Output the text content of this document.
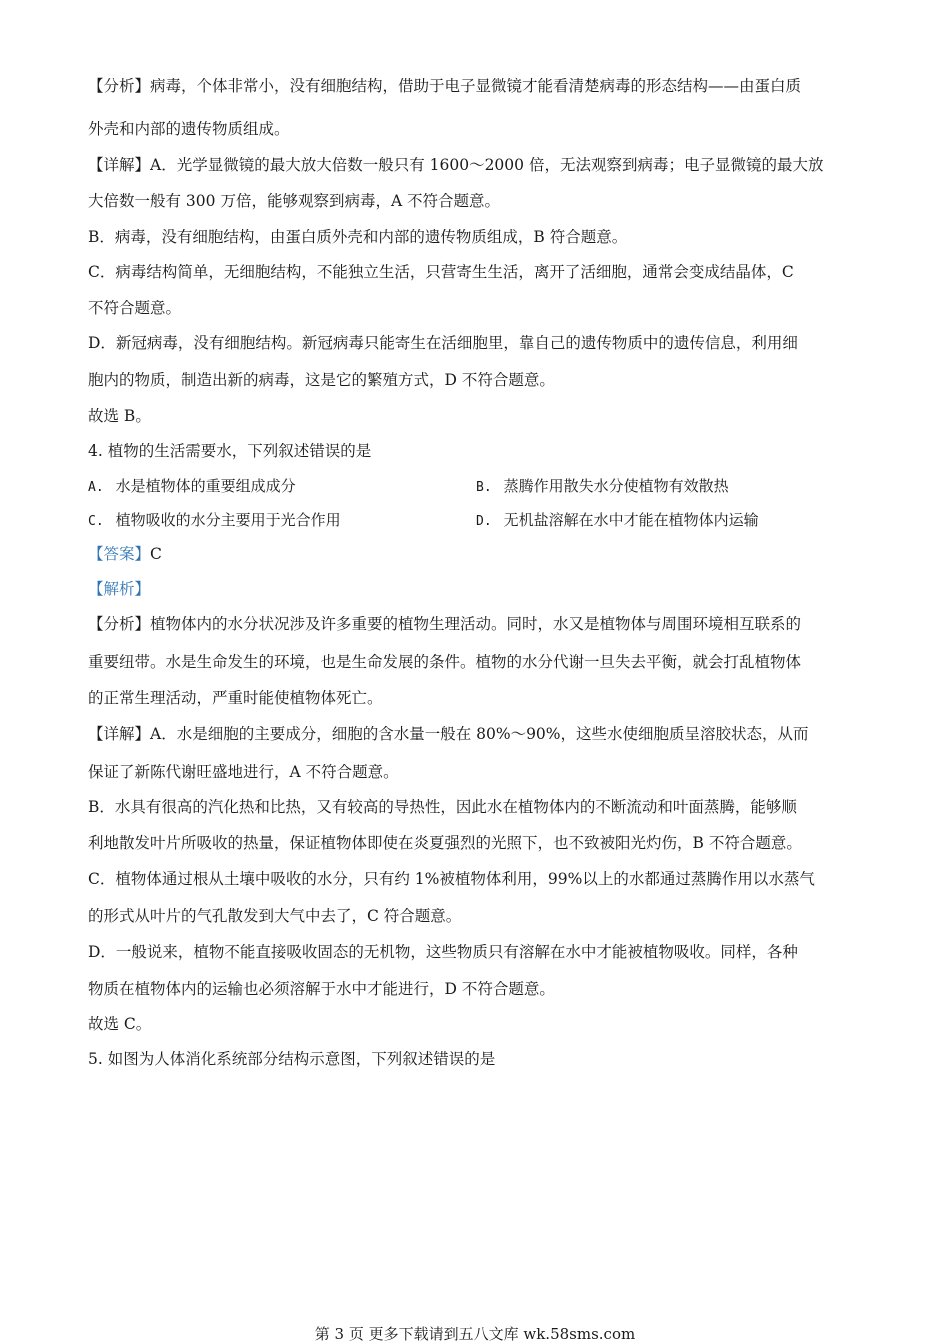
【分析】病毒，个体非常小，没有细胞结构，借助于电子显微镜才能看清楚病毒的形态结构——由蛋白质

外壳和内部的遗传物质组成。

【详解】A．光学显微镜的最大放大倍数一般只有 1600～2000 倍，无法观察到病毒；电子显微镜的最大放

大倍数一般有 300 万倍，能够观察到病毒，A 不符合题意。

B．病毒，没有细胞结构，由蛋白质外壳和内部的遗传物质组成，B 符合题意。

C．病毒结构简单，无细胞结构，不能独立生活，只营寄生生活，离开了活细胞，通常会变成结晶体，C

不符合题意。

D．新冠病毒，没有细胞结构。新冠病毒只能寄生在活细胞里，靠自己的遗传物质中的遗传信息，利用细

胞内的物质，制造出新的病毒，这是它的繁殖方式，D 不符合题意。

故选 B。

4. 植物的生活需要水，下列叙述错误的是

A. 水是植物体的重要组成成分	B. 蒸腾作用散失水分使植物有效散热
C. 植物吸收的水分主要用于光合作用	D. 无机盐溶解在水中才能在植物体内运输

【答案】C

【解析】

【分析】植物体内的水分状况涉及许多重要的植物生理活动。同时，水又是植物体与周围环境相互联系的

重要纽带。水是生命发生的环境，也是生命发展的条件。植物的水分代谢一旦失去平衡，就会打乱植物体

的正常生理活动，严重时能使植物体死亡。

【详解】A．水是细胞的主要成分，细胞的含水量一般在 80%～90%，这些水使细胞质呈溶胶状态，从而

保证了新陈代谢旺盛地进行，A 不符合题意。

B．水具有很高的汽化热和比热，又有较高的导热性，因此水在植物体内的不断流动和叶面蒸腾，能够顺

利地散发叶片所吸收的热量，保证植物体即使在炎夏强烈的光照下，也不致被阳光灼伤，B 不符合题意。

C．植物体通过根从土壤中吸收的水分，只有约 1%被植物体利用，99%以上的水都通过蒸腾作用以水蒸气

的形式从叶片的气孔散发到大气中去了，C 符合题意。

D．一般说来，植物不能直接吸收固态的无机物，这些物质只有溶解在水中才能被植物吸收。同样，各种

物质在植物体内的运输也必须溶解于水中才能进行，D 不符合题意。

故选 C。

5. 如图为人体消化系统部分结构示意图，下列叙述错误的是

第 3 页 更多下载请到五八文库 wk.58sms.com
